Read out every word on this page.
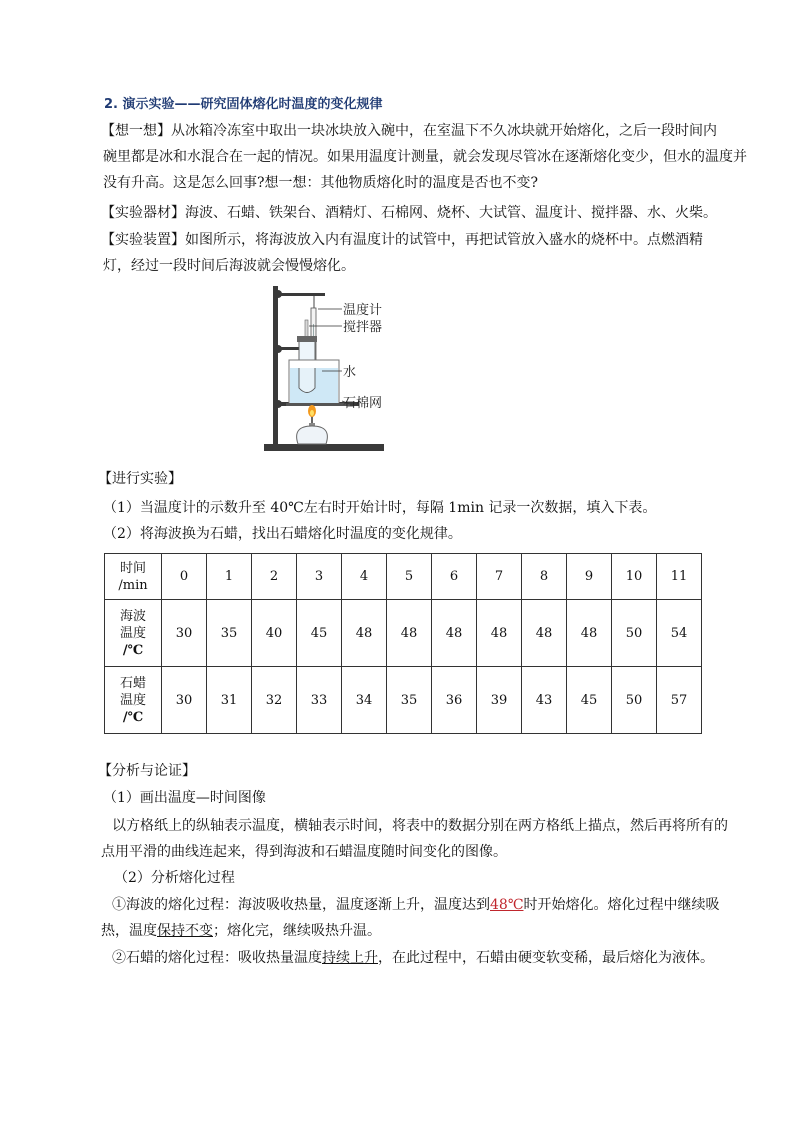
2. 演示实验——研究固体熔化时温度的变化规律
【想一想】从冰箱冷冻室中取出一块冰块放入碗中，在室温下不久冰块就开始熔化，之后一段时间内
碗里都是冰和水混合在一起的情况。如果用温度计测量，就会发现尽管冰在逐渐熔化变少，但水的温度并
没有升高。这是怎么回事?想一想：其他物质熔化时的温度是否也不变?
【实验器材】海波、石蜡、铁架台、酒精灯、石棉网、烧杯、大试管、温度计、搅拌器、水、火柴。
【实验装置】如图所示，将海波放入内有温度计的试管中，再把试管放入盛水的烧杯中。点燃酒精
灯，经过一段时间后海波就会慢慢熔化。
温度计
搅拌器
水
石棉网
【进行实验】
（1）当温度计的示数升至 40℃左右时开始计时，每隔 1min 记录一次数据，填入下表。
（2）将海波换为石蜡，找出石蜡熔化时温度的变化规律。
时间
/min	0	1	2	3	4	5	6	7	8	9	10	11
海波
温度
/℃	30	35	40	45	48	48	48	48	48	48	50	54
石蜡
温度
/℃	30	31	32	33	34	35	36	39	43	45	50	57
【分析与论证】
（1）画出温度—时间图像
以方格纸上的纵轴表示温度，横轴表示时间，将表中的数据分别在两方格纸上描点，然后再将所有的
点用平滑的曲线连起来，得到海波和石蜡温度随时间变化的图像。
（2）分析熔化过程
①海波的熔化过程：海波吸收热量，温度逐渐上升，温度达到48℃时开始熔化。熔化过程中继续吸
热，温度保持不变；熔化完，继续吸热升温。
②石蜡的熔化过程：吸收热量温度持续上升，在此过程中，石蜡由硬变软变稀，最后熔化为液体。
